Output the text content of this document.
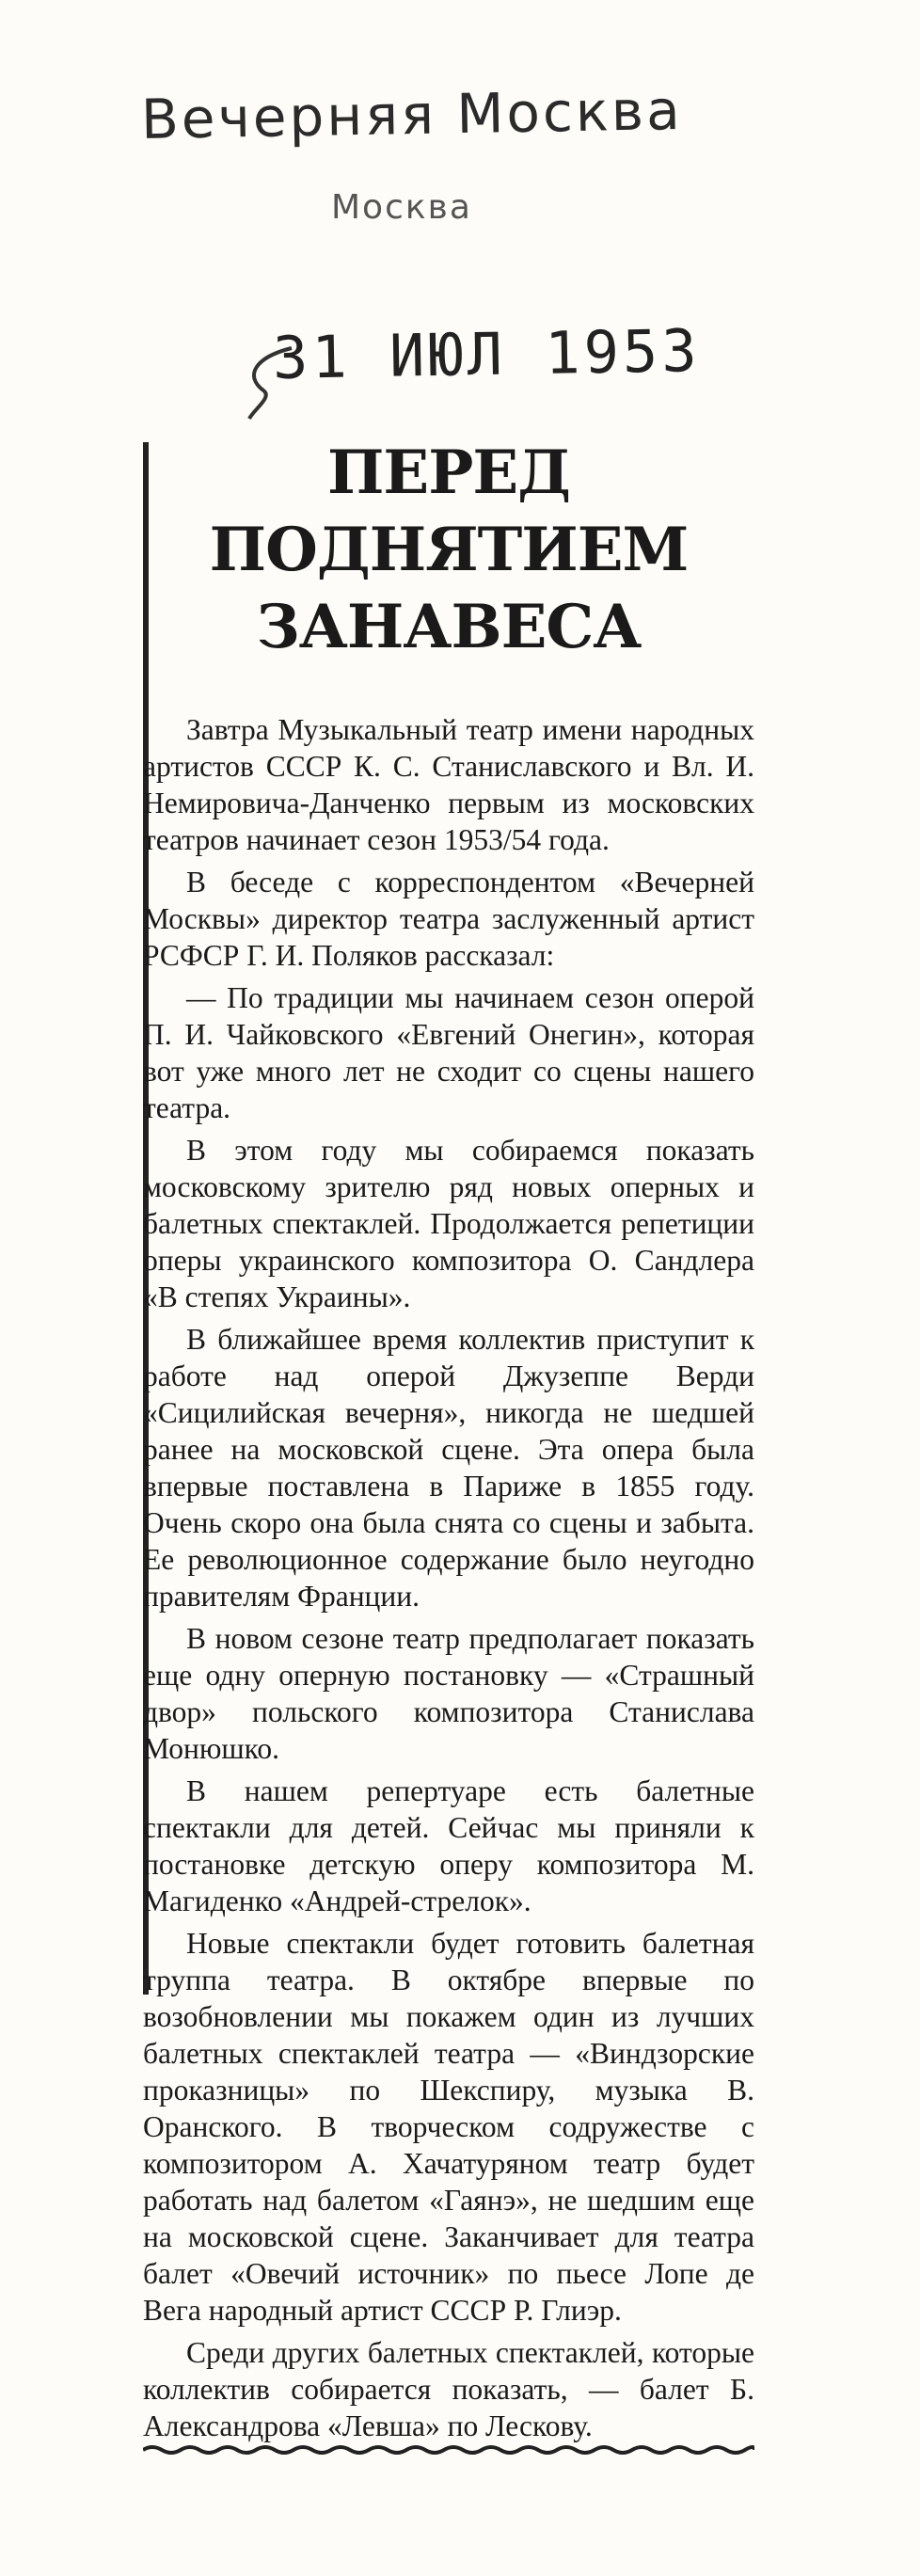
Вечерняя Москва
Москва
31 ИЮЛ 1953
ПЕРЕД ПОДНЯТИЕМ
ЗАНАВЕСА

Завтра Музыкальный театр имени народных артистов СССР К. С. Станиславского и Вл. И. Немировича-Данченко первым из московских театров начинает сезон 1953/54 года.

В беседе с корреспондентом «Вечерней Москвы» директор театра заслуженный артист РСФСР Г. И. Поляков рассказал:

— По традиции мы начинаем сезон оперой П. И. Чайковского «Евгений Онегин», которая вот уже много лет не сходит со сцены нашего театра.

В этом году мы собираемся показать московскому зрителю ряд новых оперных и балетных спектаклей. Продолжается репетиции оперы украинского композитора О. Сандлера «В степях Украины».

В ближайшее время коллектив приступит к работе над оперой Джузеппе Верди «Сицилийская вечерня», никогда не шедшей ранее на московской сцене. Эта опера была впервые поставлена в Париже в 1855 году. Очень скоро она была снята со сцены и забыта. Ее революционное содержание было неугодно правителям Франции.

В новом сезоне театр предполагает показать еще одну оперную постановку — «Страшный двор» польского композитора Станислава Монюшко.

В нашем репертуаре есть балетные спектакли для детей. Сейчас мы приняли к постановке детскую оперу композитора М. Магиденко «Андрей-стрелок».

Новые спектакли будет готовить балетная труппа театра. В октябре впервые по возобновлении мы покажем один из лучших балетных спектаклей театра — «Виндзорские проказницы» по Шекспиру, музыка В. Оранского. В творческом содружестве с композитором А. Хачатуряном театр будет работать над балетом «Гаянэ», не шедшим еще на московской сцене. Заканчивает для театра балет «Овечий источник» по пьесе Лопе де Вега народный артист СССР Р. Глиэр.

Среди других балетных спектаклей, которые коллектив собирается показать, — балет Б. Александрова «Левша» по Лескову.
